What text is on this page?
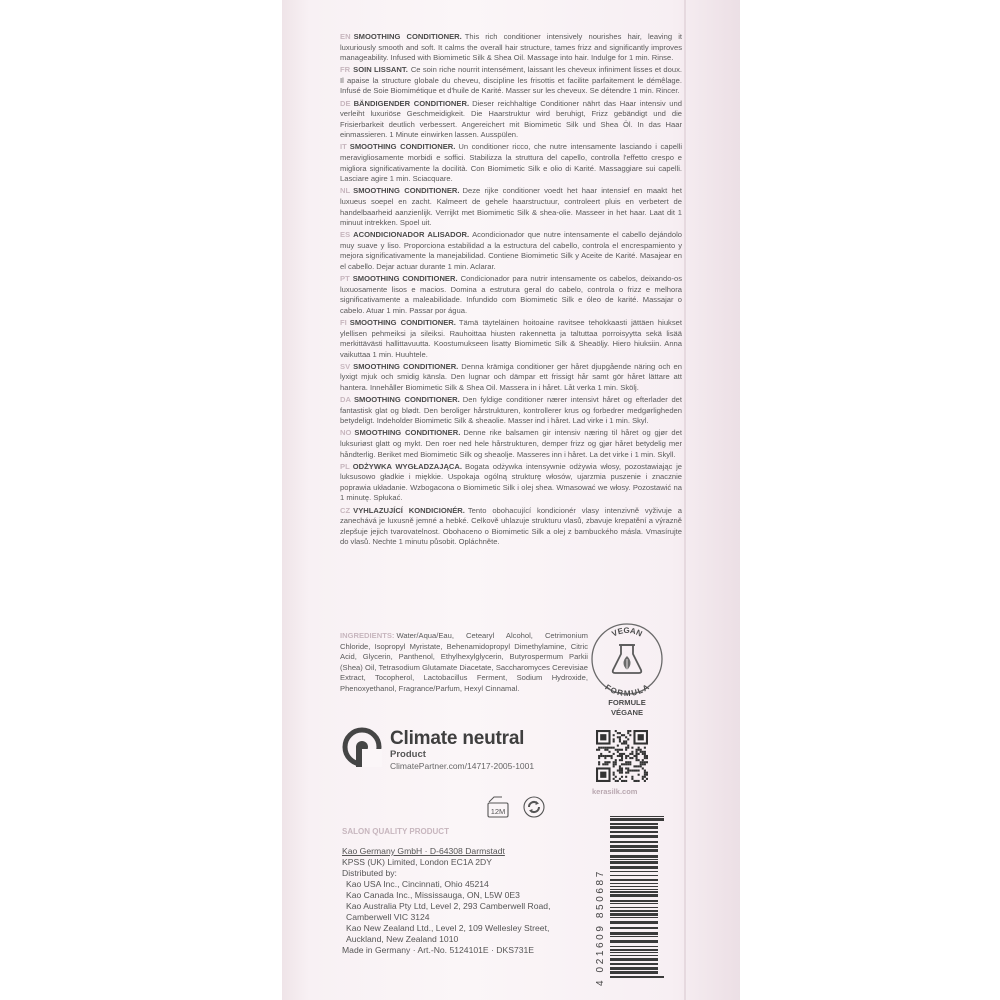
EN SMOOTHING CONDITIONER. This rich conditioner intensively nourishes hair, leaving it luxuriously smooth and soft. It calms the overall hair structure, tames frizz and significantly improves manageability. Infused with Biomimetic Silk & Shea Oil. Massage into hair. Indulge for 1 min. Rinse.
FR SOIN LISSANT. Ce soin riche nourrit intensément, laissant les cheveux infiniment lisses et doux. Il apaise la structure globale du cheveu, discipline les frisottis et facilite parfaitement le démêlage. Infusé de Soie Biomimétique et d'huile de Karité. Masser sur les cheveux. Se détendre 1 min. Rincer.
DE BÄNDIGENDER CONDITIONER. Dieser reichhaltige Conditioner nährt das Haar intensiv und verleiht luxuriöse Geschmeidigkeit. Die Haarstruktur wird beruhigt, Frizz gebändigt und die Frisierbarkeit deutlich verbessert. Angereichert mit Biomimetic Silk und Shea Öl. In das Haar einmassieren. 1 Minute einwirken lassen. Ausspülen.
IT SMOOTHING CONDITIONER. Un conditioner ricco, che nutre intensamente lasciando i capelli meravigliosamente morbidi e soffici. Stabilizza la struttura del capello, controlla l'effetto crespo e migliora significativamente la docilità. Con Biomimetic Silk e olio di Karité. Massaggiare sui capelli. Lasciare agire 1 min. Sciacquare.
NL SMOOTHING CONDITIONER. Deze rijke conditioner voedt het haar intensief en maakt het luxueus soepel en zacht. Kalmeert de gehele haarstructuur, controleert pluis en verbetert de handelbaarheid aanzienlijk. Verrijkt met Biomimetic Silk & shea-olie. Masseer in het haar. Laat dit 1 minuut intrekken. Spoel uit.
ES ACONDICIONADOR ALISADOR. Acondicionador que nutre intensamente el cabello dejándolo muy suave y liso. Proporciona estabilidad a la estructura del cabello, controla el encrespamiento y mejora significativamente la manejabilidad. Contiene Biomimetic Silk y Aceite de Karité. Masajear en el cabello. Dejar actuar durante 1 min. Aclarar.
PT SMOOTHING CONDITIONER. Condicionador para nutrir intensamente os cabelos, deixando-os luxuosamente lisos e macios. Domina a estrutura geral do cabelo, controla o frizz e melhora significativamente a maleabilidade. Infundido com Biomimetic Silk e óleo de karité. Massajar o cabelo. Atuar 1 min. Passar por água.
FI SMOOTHING CONDITIONER. Tämä täyteläinen hoitoaine ravitsee tehokkaasti jättäen hiukset ylellisen pehmeiksi ja sileiksi. Rauhoittaa hiusten rakennetta ja taltuttaa porroisyytta sekä lisää merkittävästi hallittavuutta. Koostumukseen lisatty Biomimetic Silk & Sheaöljy. Hiero hiuksiin. Anna vaikuttaa 1 min. Huuhtele.
SV SMOOTHING CONDITIONER. Denna krämiga conditioner ger håret djupgående näring och en lyxigt mjuk och smidig känsla. Den lugnar och dämpar ett frissigt hår samt gör håret lättare att hantera. Innehåller Biomimetic Silk & Shea Oil. Massera in i håret. Låt verka 1 min. Skölj.
DA SMOOTHING CONDITIONER. Den fyldige conditioner nærer intensivt håret og efterlader det fantastisk glat og blødt. Den beroliger hårstrukturen, kontrollerer krus og forbedrer medgørligheden betydeligt. Indeholder Biomimetic Silk & sheaolie. Masser ind i håret. Lad virke i 1 min. Skyl.
NO SMOOTHING CONDITIONER. Denne rike balsamen gir intensiv næring til håret og gjør det luksuriøst glatt og mykt. Den roer ned hele hårstrukturen, demper frizz og gjør håret betydelig mer håndterlig. Beriket med Biomimetic Silk og sheaolje. Masseres inn i håret. La det virke i 1 min. Skyll.
PL ODŻYWKA WYGŁADZAJĄCA. Bogata odżywka intensywnie odżywia włosy, pozostawiając je luksusowo gładkie i miękkie. Uspokaja ogólną strukturę włosów, ujarzmia puszenie i znacznie poprawia układanie. Wzbogacona o Biomimetic Silk i olej shea. Wmasować we włosy. Pozostawić na 1 minutę. Spłukać.
CZ VYHLAZUJÍCÍ KONDICIONÉR. Tento obohacující kondicionér vlasy intenzivně vyživuje a zanechává je luxusně jemné a hebké. Celkově uhlazuje strukturu vlasů, zbavuje krepatění a výrazně zlepšuje jejich tvarovatelnost. Obohaceno o Biomimetic Silk a olej z bambuckého másla. Vmasírujte do vlasů. Nechte 1 minutu působit. Opláchněte.
INGREDIENTS: Water/Aqua/Eau, Cetearyl Alcohol, Cetrimonium Chloride, Isopropyl Myristate, Behenamidopropyl Dimethylamine, Citric Acid, Glycerin, Panthenol, Ethylhexylglycerin, Butyrospermum Parkii (Shea) Oil, Tetrasodium Glutamate Diacetate, Saccharomyces Cerevisiae Extract, Tocopherol, Lactobacillus Ferment, Sodium Hydroxide, Phenoxyethanol, Fragrance/Parfum, Hexyl Cinnamal.
VEGAN
FORMULA
FORMULE
VÉGANE
Climate neutral
Product
ClimatePartner.com/14717-2005-1001
kerasilk.com
12M
4 021609 850687
SALON QUALITY PRODUCT
Kao Germany GmbH · D-64308 Darmstadt
KPSS (UK) Limited, London EC1A 2DY
Distributed by:
Kao USA Inc., Cincinnati, Ohio 45214
Kao Canada Inc., Mississauga, ON, L5W 0E3
Kao Australia Pty Ltd, Level 2, 293 Camberwell Road,
Camberwell VIC 3124
Kao New Zealand Ltd., Level 2, 109 Wellesley Street,
Auckland, New Zealand 1010
Made in Germany · Art.-No. 5124101E · DKS731E
